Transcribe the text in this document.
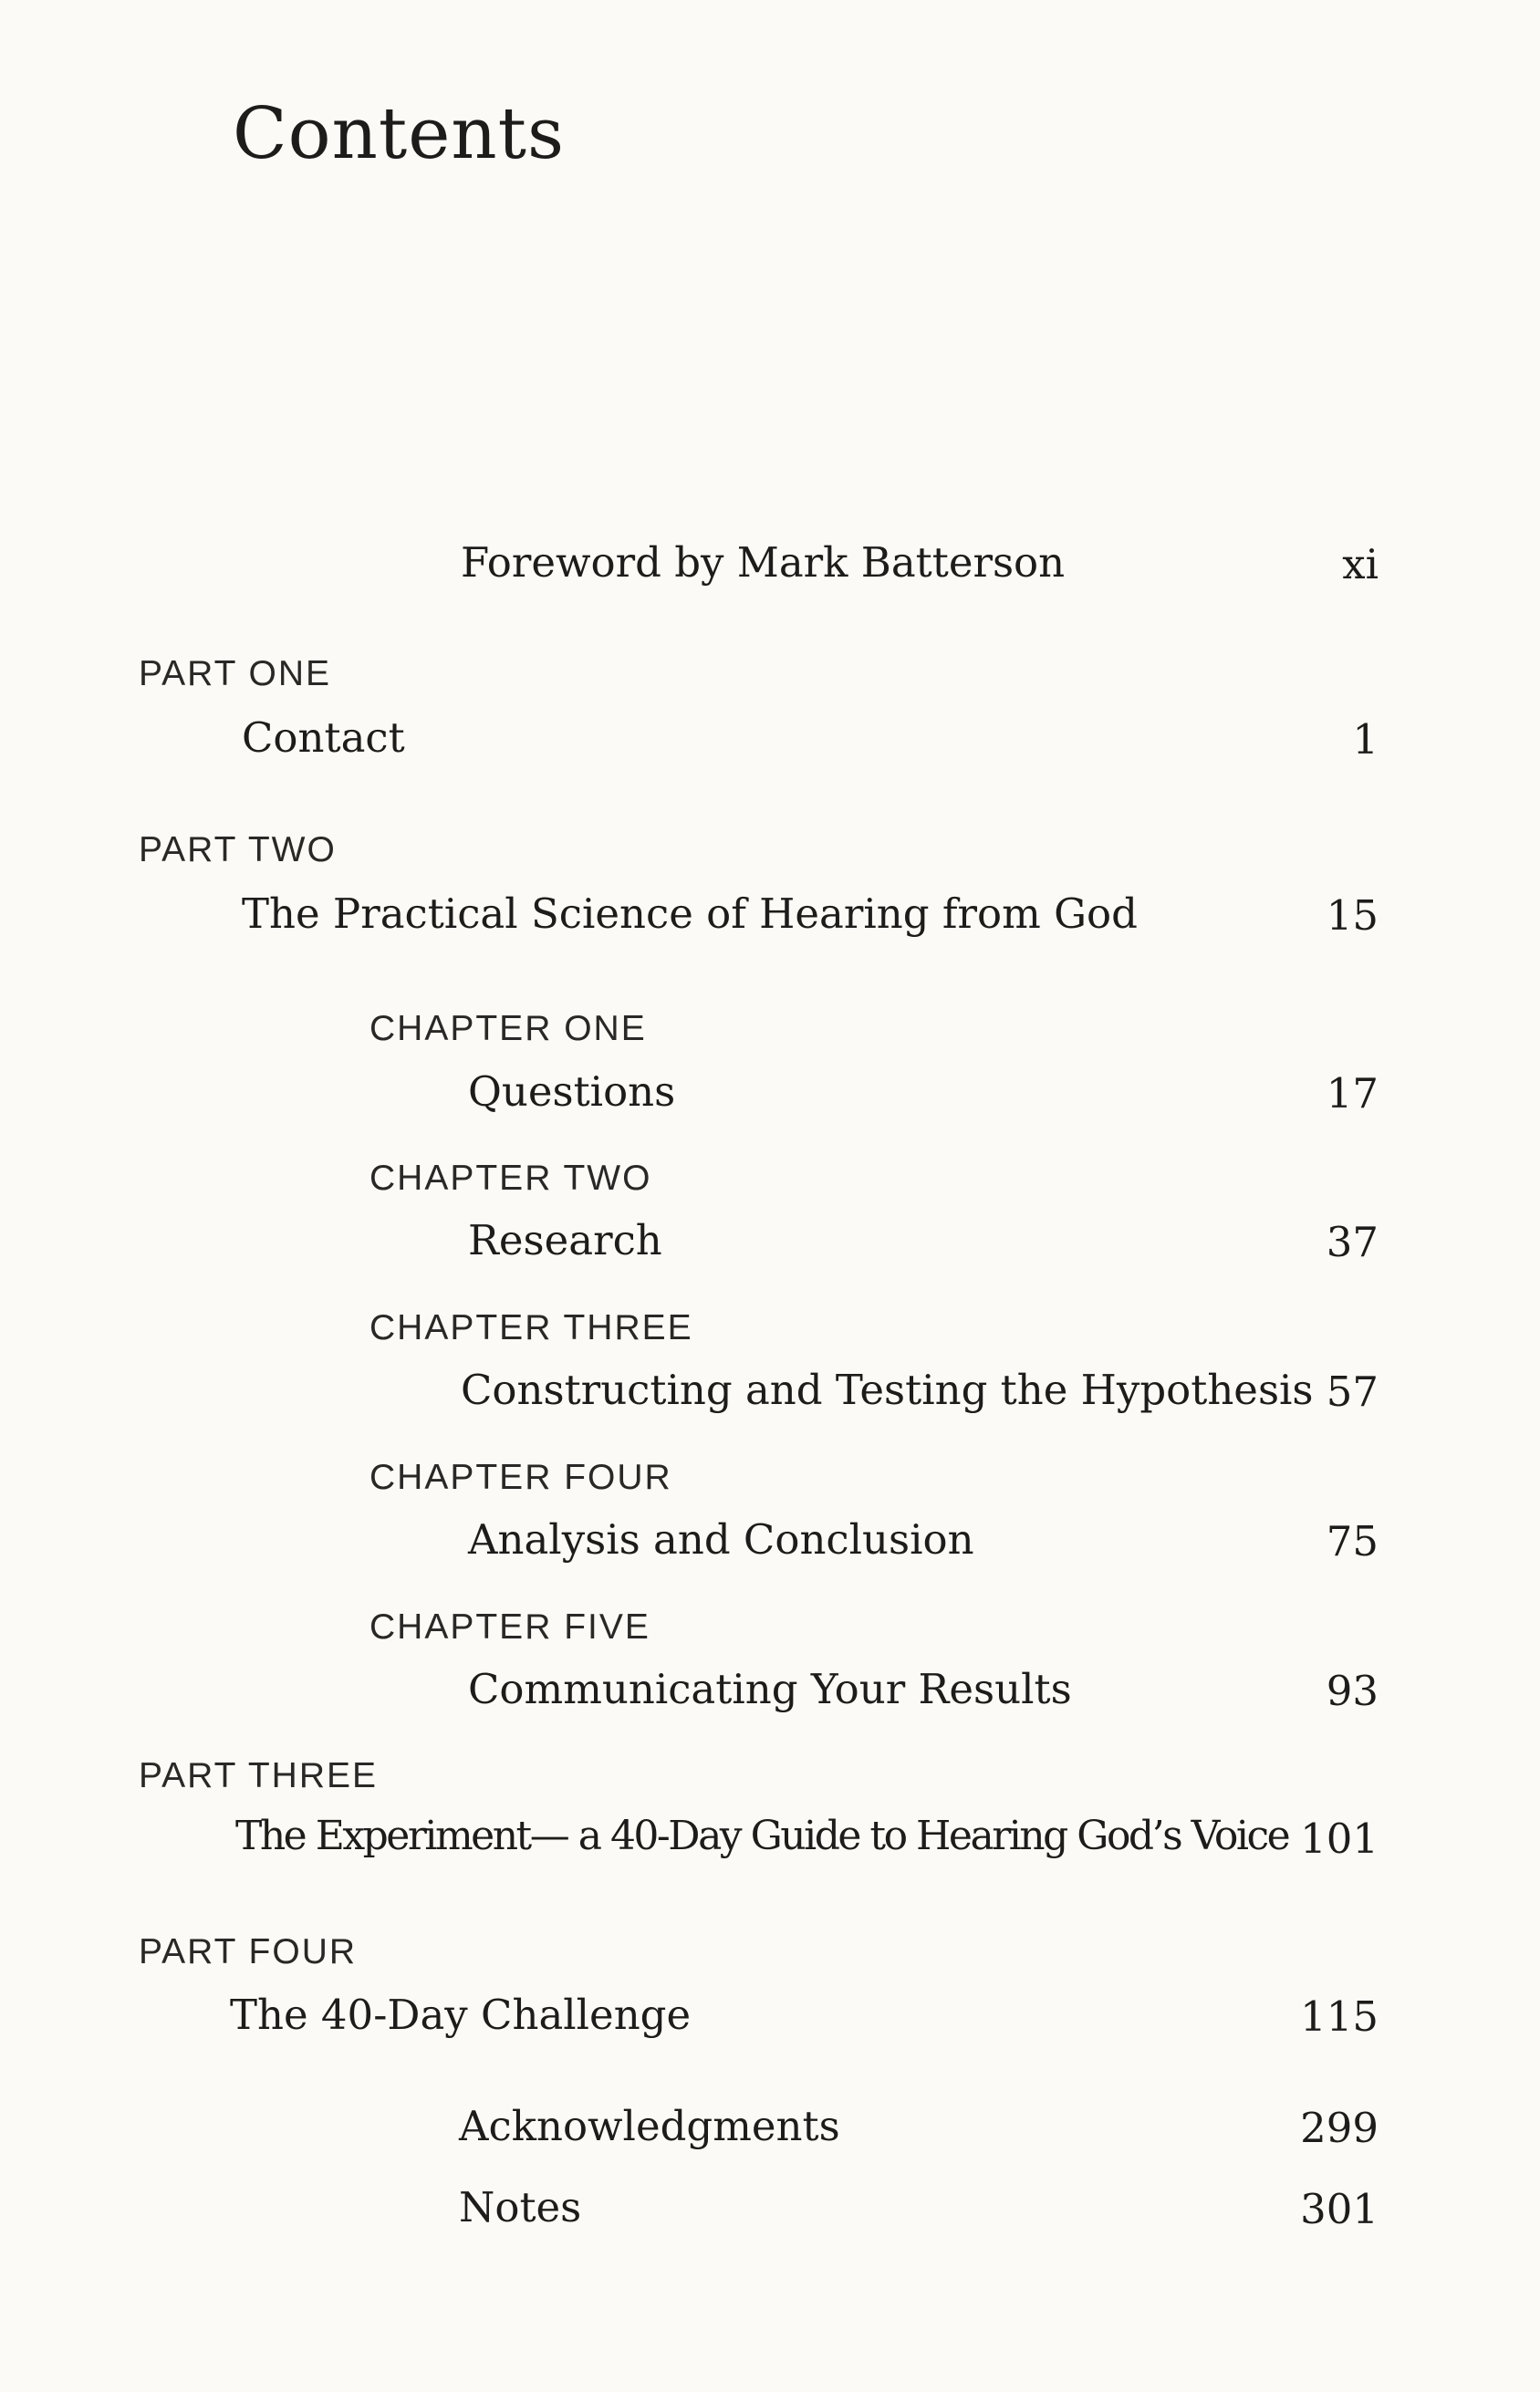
Contents
Foreword by Mark Batterson	xi
PART ONE
Contact	1
PART TWO
The Practical Science of Hearing from God	15
CHAPTER ONE
Questions	17
CHAPTER TWO
Research	37
CHAPTER THREE
Constructing and Testing the Hypothesis 57
CHAPTER FOUR
Analysis and Conclusion	75
CHAPTER FIVE
Communicating Your Results	93
PART THREE
The Experiment— a 40-Day Guide to Hearing God’s Voice 101
PART FOUR
The 40-Day Challenge	115
Acknowledgments	299
Notes	301
